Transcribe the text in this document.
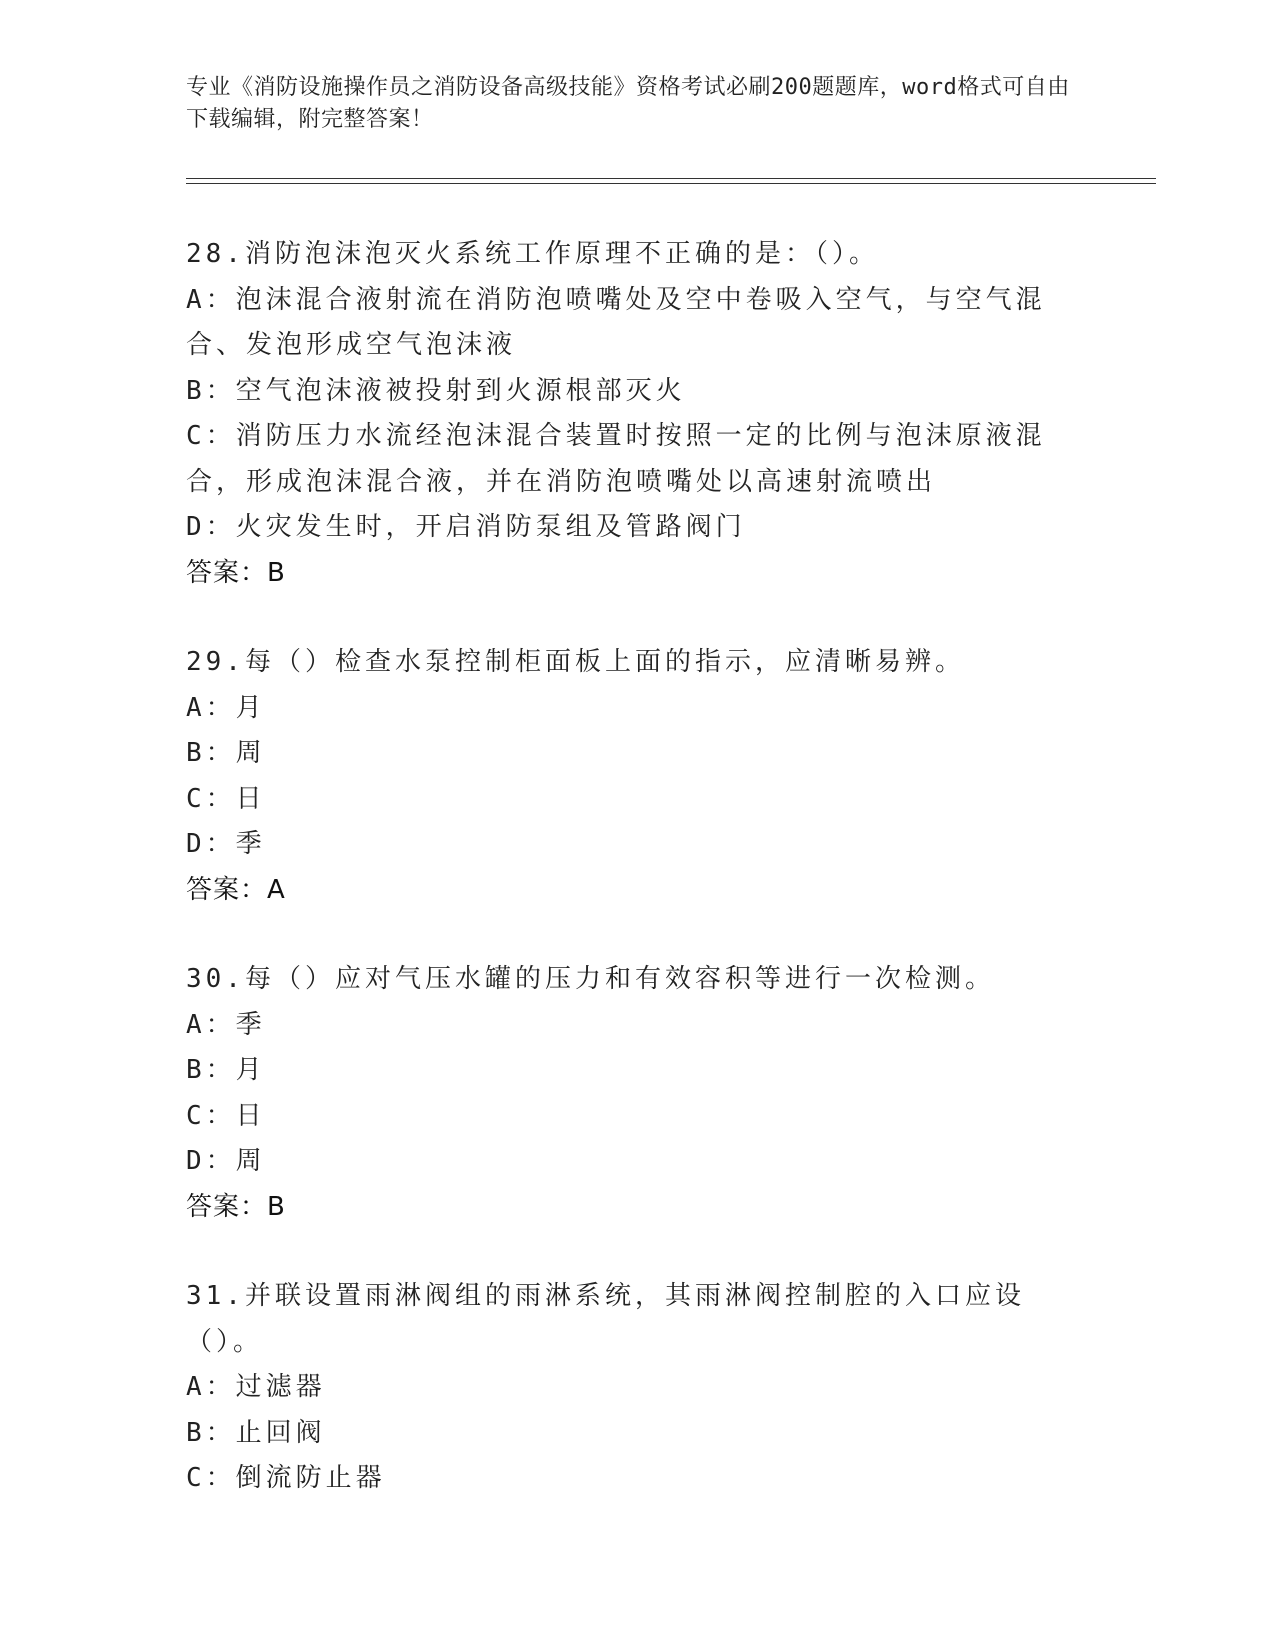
专业《消防设施操作员之消防设备高级技能》资格考试必刷200题题库，word格式可自由下载编辑，附完整答案！
28.消防泡沫泡灭火系统工作原理不正确的是：（）。
A：泡沫混合液射流在消防泡喷嘴处及空中卷吸入空气，与空气混合、发泡形成空气泡沫液
B：空气泡沫液被投射到火源根部灭火
C：消防压力水流经泡沫混合装置时按照一定的比例与泡沫原液混合，形成泡沫混合液，并在消防泡喷嘴处以高速射流喷出
D：火灾发生时，开启消防泵组及管路阀门
答案：B
29.每（）检查水泵控制柜面板上面的指示，应清晰易辨。
A：月
B：周
C：日
D：季
答案：A
30.每（）应对气压水罐的压力和有效容积等进行一次检测。
A：季
B：月
C：日
D：周
答案：B
31.并联设置雨淋阀组的雨淋系统，其雨淋阀控制腔的入口应设（）。
A：过滤器
B：止回阀
C：倒流防止器
